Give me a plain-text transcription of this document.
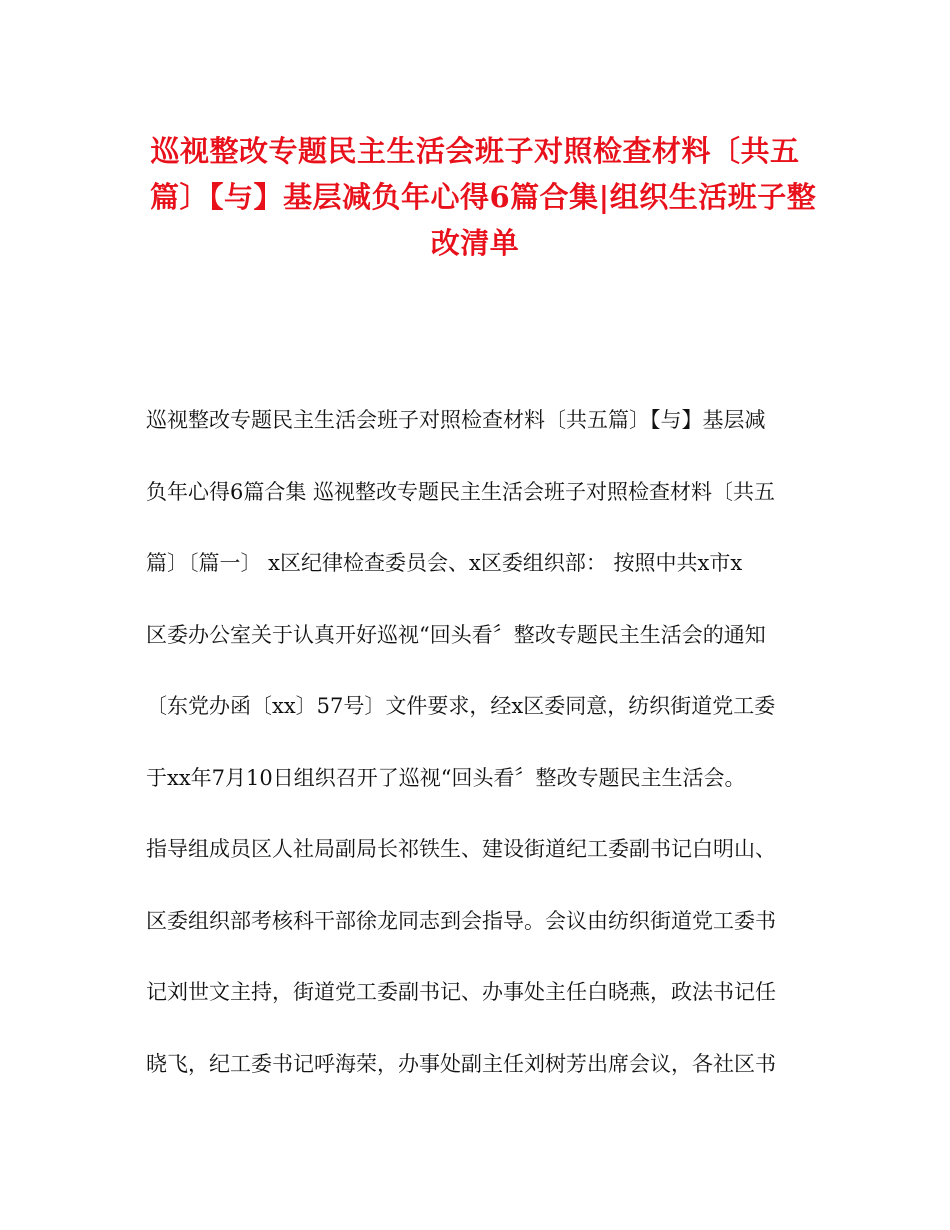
巡视整改专题民主生活会班子对照检查材料〔共五
篇〕【与】基层减负年心得6篇合集|组织生活班子整
改清单
巡视整改专题民主生活会班子对照检查材料〔共五篇〕【与】基层减
负年心得6篇合集 巡视整改专题民主生活会班子对照检查材料〔共五
篇〕〔篇一〕 x区纪律检查委员会、x区委组织部： 按照中共x市x
区委办公室关于认真开好巡视“回头看〞整改专题民主生活会的通知
〔东党办函〔xx〕57号〕文件要求，经x区委同意，纺织街道党工委
于xx年7月10日组织召开了巡视“回头看〞整改专题民主生活会。
指导组成员区人社局副局长祁铁生、建设街道纪工委副书记白明山、
区委组织部考核科干部徐龙同志到会指导。会议由纺织街道党工委书
记刘世文主持，街道党工委副书记、办事处主任白晓燕，政法书记任
晓飞，纪工委书记呼海荣，办事处副主任刘树芳出席会议，各社区书
